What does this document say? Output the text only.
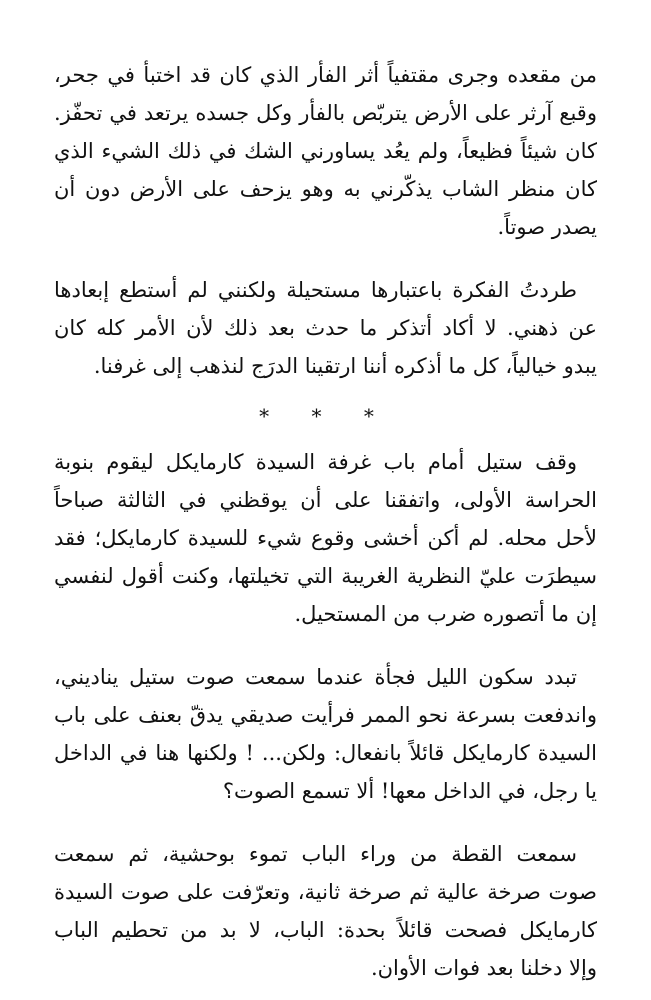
من مقعده وجرى مقتفياً أثر الفأر الذي كان قد اختبأ في جحر،
وقبع آرثر على الأرض يتربّص بالفأر وكل جسده يرتعد في تحفّز.
كان شيئاً فظيعاً، ولم يعُد يساورني الشك في ذلك الشيء الذي
كان منظر الشاب يذكّرني به وهو يزحف على الأرض دون أن
يصدر صوتاً.
طردتُ الفكرة باعتبارها مستحيلة ولكنني لم أستطع إبعادها
عن ذهني. لا أكاد أتذكر ما حدث بعد ذلك لأن الأمر كله كان
يبدو خيالياً، كل ما أذكره أننا ارتقينا الدرَج لنذهب إلى غرفنا.
* * *
وقف ستيل أمام باب غرفة السيدة كارمايكل ليقوم بنوبة
الحراسة الأولى، واتفقنا على أن يوقظني في الثالثة صباحاً
لأحل محله. لم أكن أخشى وقوع شيء للسيدة كارمايكل؛ فقد
سيطرَت عليّ النظرية الغريبة التي تخيلتها، وكنت أقول لنفسي
إن ما أتصوره ضرب من المستحيل.
تبدد سكون الليل فجأة عندما سمعت صوت ستيل يناديني،
واندفعت بسرعة نحو الممر فرأيت صديقي يدقّ بعنف على باب
السيدة كارمايكل قائلاً بانفعال: ولكن... ! ولكنها هنا في الداخل
يا رجل، في الداخل معها! ألا تسمع الصوت؟
سمعت القطة من وراء الباب تموء بوحشية، ثم سمعت
صوت صرخة عالية ثم صرخة ثانية، وتعرّفت على صوت السيدة
كارمايكل فصحت قائلاً بحدة: الباب، لا بد من تحطيم الباب
وإلا دخلنا بعد فوات الأوان.
